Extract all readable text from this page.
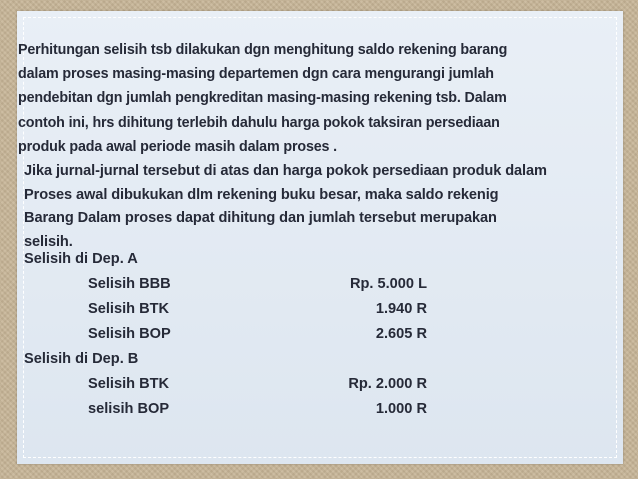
Perhitungan selisih tsb dilakukan dgn menghitung saldo rekening barang
dalam proses masing-masing departemen dgn cara mengurangi jumlah
pendebitan dgn jumlah pengkreditan masing-masing rekening tsb. Dalam
contoh ini, hrs dihitung terlebih dahulu harga pokok taksiran persediaan
produk pada awal periode masih dalam proses .

Jika jurnal-jurnal tersebut di atas dan harga pokok persediaan produk dalam
Proses awal dibukukan dlm rekening buku besar, maka saldo rekenig
Barang Dalam proses dapat dihitung dan jumlah tersebut merupakan
selisih.

Selisih di Dep. A
Selisih BBB	Rp. 5.000 L
Selisih BTK	1.940 R
Selisih BOP	2.605 R
Selisih di Dep. B
Selisih BTK	Rp. 2.000 R
selisih BOP	1.000 R
